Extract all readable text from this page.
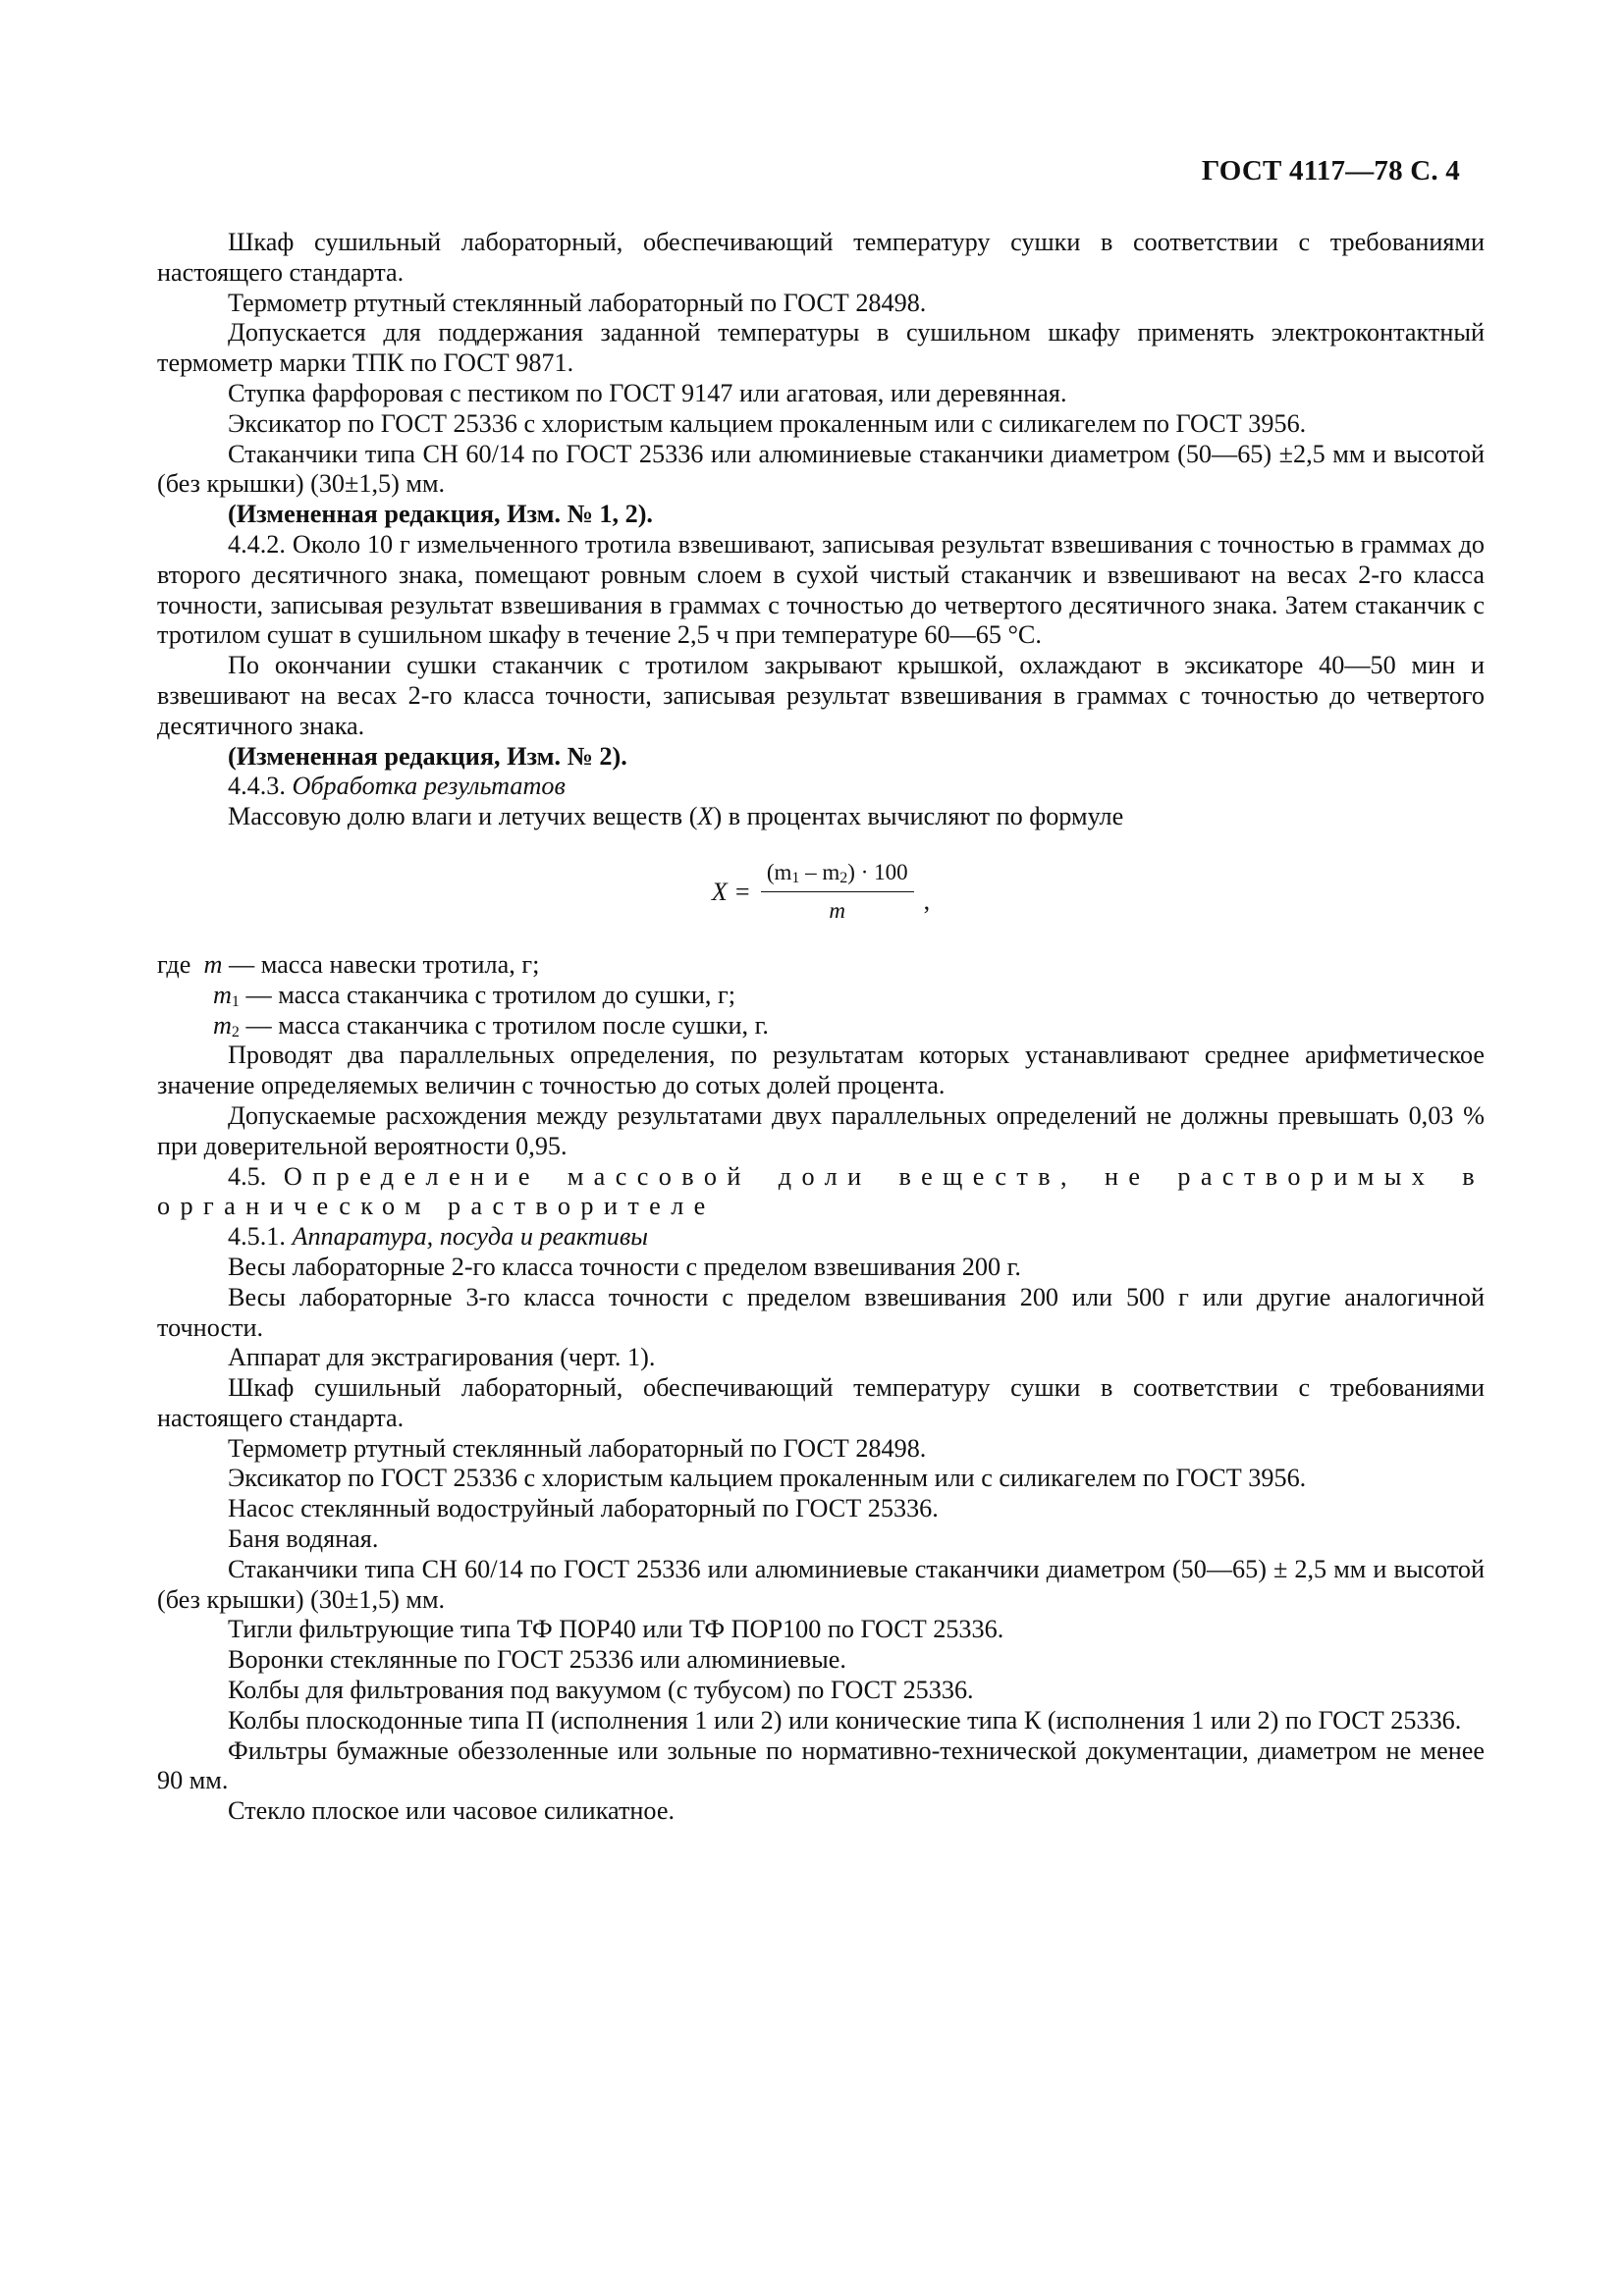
ГОСТ 4117—78 С. 4

Шкаф сушильный лабораторный, обеспечивающий температуру сушки в соответствии с требованиями настоящего стандарта.

Термометр ртутный стеклянный лабораторный по ГОСТ 28498.

Допускается для поддержания заданной температуры в сушильном шкафу применять электроконтактный термометр марки ТПК по ГОСТ 9871.

Ступка фарфоровая с пестиком по ГОСТ 9147 или агатовая, или деревянная.

Эксикатор по ГОСТ 25336 с хлористым кальцием прокаленным или с силикагелем по ГОСТ 3956.

Стаканчики типа СН 60/14 по ГОСТ 25336 или алюминиевые стаканчики диаметром (50—65) ±2,5 мм и высотой (без крышки) (30±1,5) мм.

(Измененная редакция, Изм. № 1, 2).

4.4.2. Около 10 г измельченного тротила взвешивают, записывая результат взвешивания с точностью в граммах до второго десятичного знака, помещают ровным слоем в сухой чистый стаканчик и взвешивают на весах 2-го класса точности, записывая результат взвешивания в граммах с точностью до четвертого десятичного знака. Затем стаканчик с тротилом сушат в сушильном шкафу в течение 2,5 ч при температуре 60—65 °С.

По окончании сушки стаканчик с тротилом закрывают крышкой, охлаждают в эксикаторе 40—50 мин и взвешивают на весах 2-го класса точности, записывая результат взвешивания в граммах с точностью до четвертого десятичного знака.

(Измененная редакция, Изм. № 2).

4.4.3. Обработка результатов

Массовую долю влаги и летучих веществ (X) в процентах вычисляют по формуле

$X = \frac{(m_1 - m_2) \cdot 100}{m}$ ,

где m — масса навески тротила, г;

$m_1$ — масса стаканчика с тротилом до сушки, г;

$m_2$ — масса стаканчика с тротилом после сушки, г.

Проводят два параллельных определения, по результатам которых устанавливают среднее арифметическое значение определяемых величин с точностью до сотых долей процента.

Допускаемые расхождения между результатами двух параллельных определений не должны превышать 0,03 % при доверительной вероятности 0,95.

4.5. Определение массовой доли веществ, не растворимых в органическом растворителе

4.5.1. Аппаратура, посуда и реактивы

Весы лабораторные 2-го класса точности с пределом взвешивания 200 г.

Весы лабораторные 3-го класса точности с пределом взвешивания 200 или 500 г или другие аналогичной точности.

Аппарат для экстрагирования (черт. 1).

Шкаф сушильный лабораторный, обеспечивающий температуру сушки в соответствии с требованиями настоящего стандарта.

Термометр ртутный стеклянный лабораторный по ГОСТ 28498.

Эксикатор по ГОСТ 25336 с хлористым кальцием прокаленным или с силикагелем по ГОСТ 3956.

Насос стеклянный водоструйный лабораторный по ГОСТ 25336.

Баня водяная.

Стаканчики типа СН 60/14 по ГОСТ 25336 или алюминиевые стаканчики диаметром (50—65) ± 2,5 мм и высотой (без крышки) (30±1,5) мм.

Тигли фильтрующие типа ТФ ПОР40 или ТФ ПОР100 по ГОСТ 25336.

Воронки стеклянные по ГОСТ 25336 или алюминиевые.

Колбы для фильтрования под вакуумом (с тубусом) по ГОСТ 25336.

Колбы плоскодонные типа П (исполнения 1 или 2) или конические типа К (исполнения 1 или 2) по ГОСТ 25336.

Фильтры бумажные обеззоленные или зольные по нормативно-технической документации, диаметром не менее 90 мм.

Стекло плоское или часовое силикатное.
